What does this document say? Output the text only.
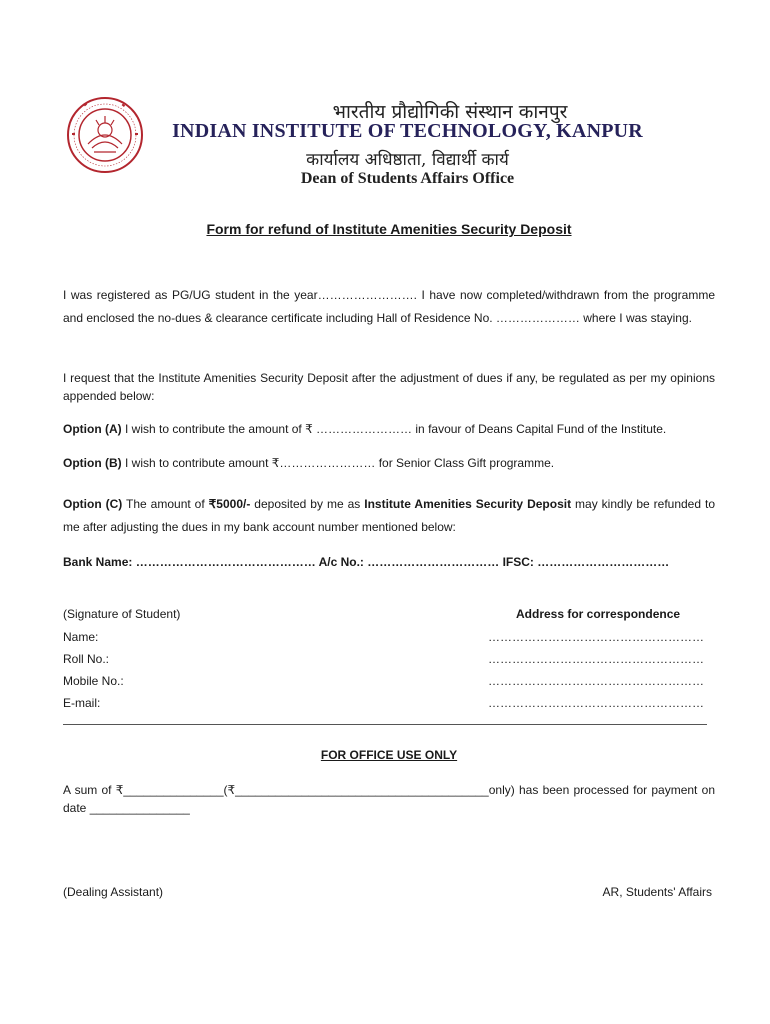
भारतीय प्रौद्योगिकी संस्थान कानपुर
INDIAN INSTITUTE OF TECHNOLOGY, KANPUR
कार्यालय अधिष्ठाता, विद्यार्थी कार्य
Dean of Students Affairs Office
Form for refund of Institute Amenities Security Deposit
I was registered as PG/UG student in the year……………………. I have now completed/withdrawn from the programme and enclosed the no-dues & clearance certificate including Hall of Residence No. ………………… where I was staying.
I request that the Institute Amenities Security Deposit after the adjustment of dues if any, be regulated as per my opinions appended below:
Option (A) I wish to contribute the amount of ₹ …………………… in favour of Deans Capital Fund of the Institute.
Option (B) I wish to contribute amount ₹…………………… for Senior Class Gift programme.
Option (C) The amount of ₹5000/- deposited by me as Institute Amenities Security Deposit may kindly be refunded to me after adjusting the dues in my bank account number mentioned below:
Bank Name: ……………………………………… A/c No.: …………………………… IFSC: ……………………………
(Signature of Student)	Address for correspondence
Name:
Roll No.:
Mobile No.:
E-mail:
………………………………………………
………………………………………………
………………………………………………
………………………………………………
FOR OFFICE USE ONLY
A sum of ₹_______________(₹______________________________________only) has been processed for payment on date _______________
(Dealing Assistant)	AR, Students' Affairs
